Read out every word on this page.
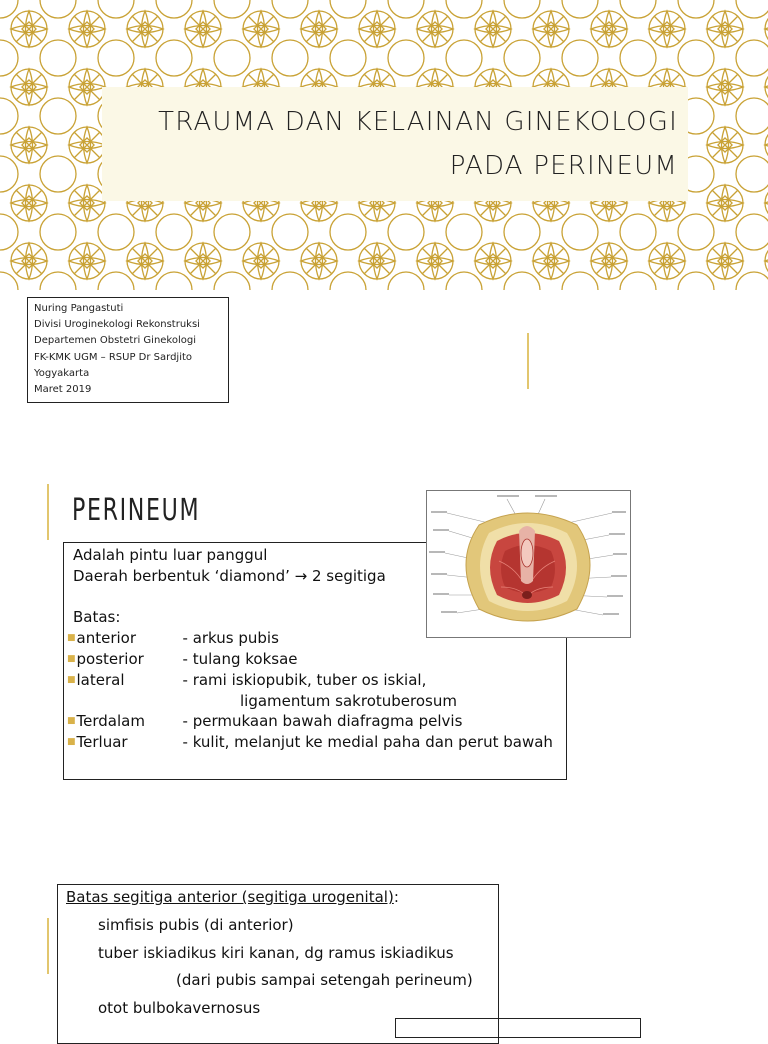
TRAUMA DAN KELAINAN GINEKOLOGI
PADA PERINEUM
Nuring Pangastuti
Divisi Uroginekologi Rekonstruksi
Departemen Obstetri Ginekologi
FK-KMK UGM – RSUP Dr Sardjito
Yogyakarta
Maret 2019
PERINEUM
Adalah pintu luar panggul
Daerah berbentuk ‘diamond’ → 2 segitiga

Batas:
■anterior	- arkus pubis
■posterior	- tulang koksae
■lateral	- rami iskiopubik, tuber os iskial,
ligamentum sakrotuberosum
■Terdalam	- permukaan bawah diafragma pelvis
■Terluar	- kulit, melanjut ke medial paha dan perut bawah
Batas segitiga anterior (segitiga urogenital):
simfisis pubis (di anterior)
tuber iskiadikus kiri kanan, dg ramus iskiadikus
(dari pubis sampai setengah perineum)
otot bulbokavernosus
